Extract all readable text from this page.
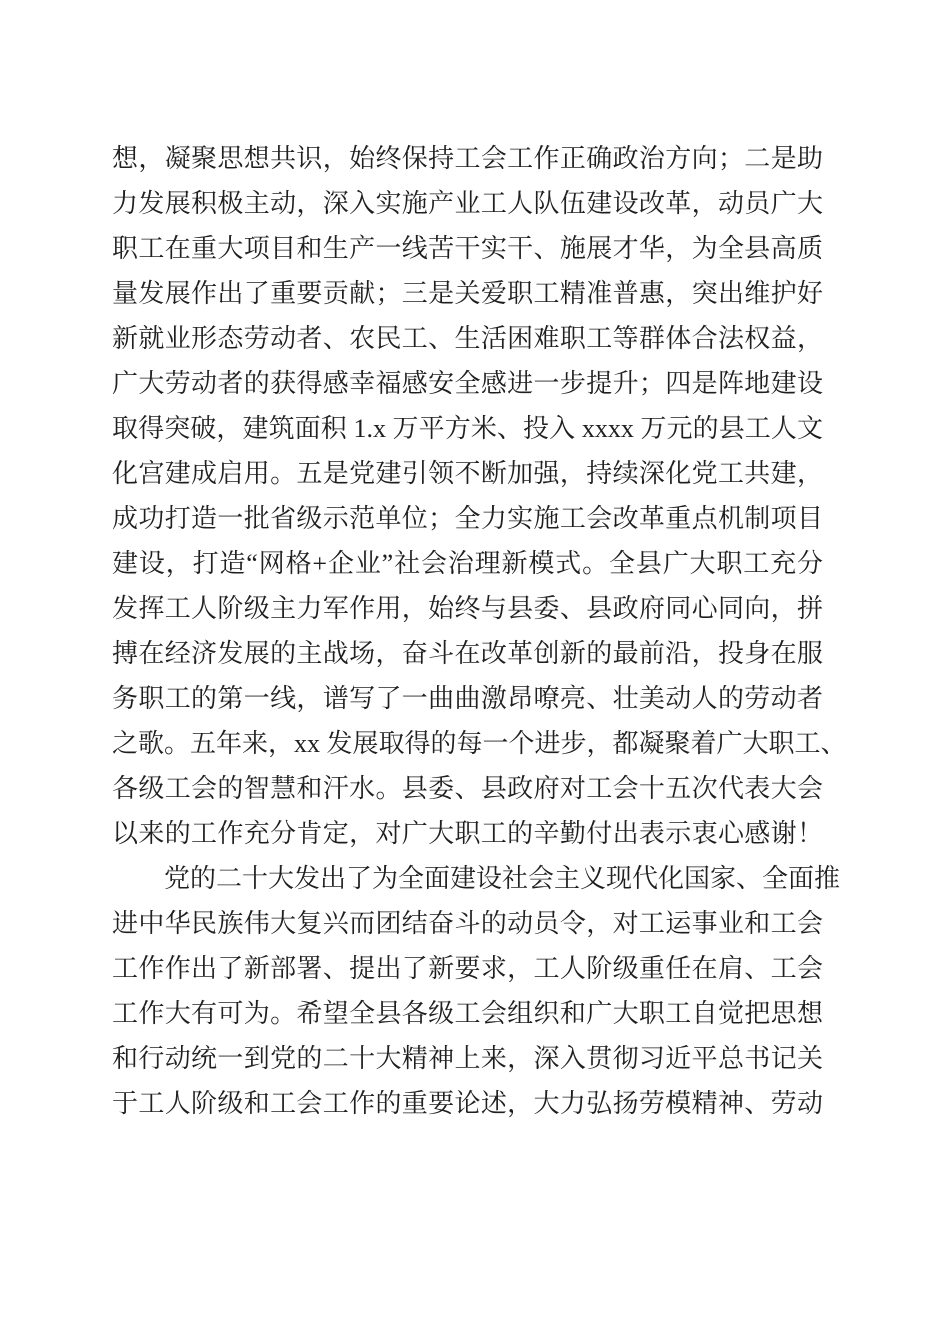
想，凝聚思想共识，始终保持工会工作正确政治方向；二是助
力发展积极主动，深入实施产业工人队伍建设改革，动员广大
职工在重大项目和生产一线苦干实干、施展才华，为全县高质
量发展作出了重要贡献；三是关爱职工精准普惠，突出维护好
新就业形态劳动者、农民工、生活困难职工等群体合法权益，
广大劳动者的获得感幸福感安全感进一步提升；四是阵地建设
取得突破，建筑面积 1.x 万平方米、投入 xxxx 万元的县工人文
化宫建成启用。五是党建引领不断加强，持续深化党工共建，
成功打造一批省级示范单位；全力实施工会改革重点机制项目
建设，打造“网格+企业”社会治理新模式。全县广大职工充分
发挥工人阶级主力军作用，始终与县委、县政府同心同向，拼
搏在经济发展的主战场，奋斗在改革创新的最前沿，投身在服
务职工的第一线，谱写了一曲曲激昂嘹亮、壮美动人的劳动者
之歌。五年来，xx 发展取得的每一个进步，都凝聚着广大职工、
各级工会的智慧和汗水。县委、县政府对工会十五次代表大会
以来的工作充分肯定，对广大职工的辛勤付出表示衷心感谢！
党的二十大发出了为全面建设社会主义现代化国家、全面推
进中华民族伟大复兴而团结奋斗的动员令，对工运事业和工会
工作作出了新部署、提出了新要求，工人阶级重任在肩、工会
工作大有可为。希望全县各级工会组织和广大职工自觉把思想
和行动统一到党的二十大精神上来，深入贯彻习近平总书记关
于工人阶级和工会工作的重要论述，大力弘扬劳模精神、劳动
